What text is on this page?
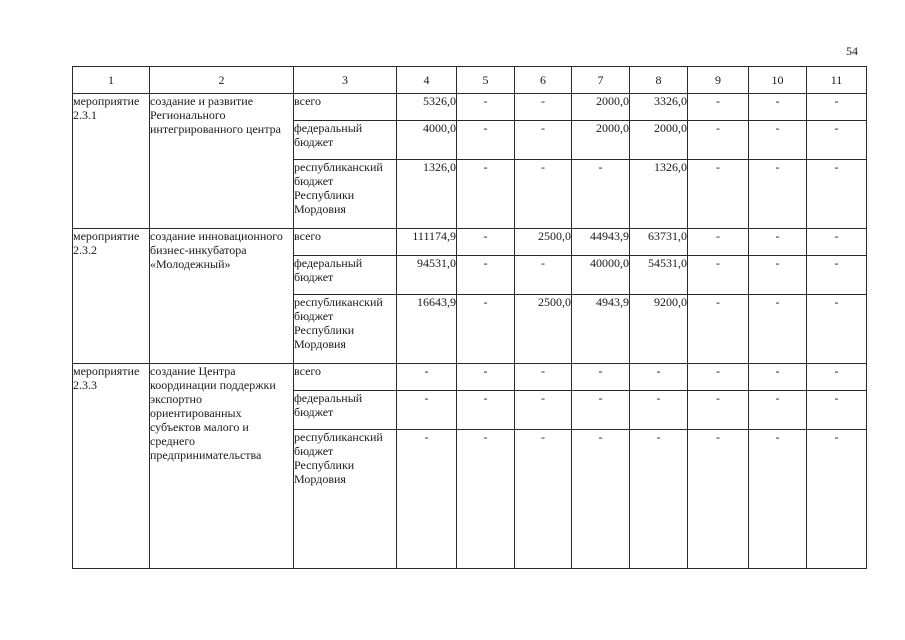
54
1	2	3	4	5	6	7	8	9	10	11
мероприятие 2.3.1	создание и развитие Регионального интегрированного центра	всего	5326,0	-	-	2000,0	3326,0	-	-	-
		федеральный бюджет	4000,0	-	-	2000,0	2000,0	-	-	-
		республиканский бюджет Республики Мордовия	1326,0	-	-	-	1326,0	-	-	-
мероприятие 2.3.2	создание инновационного бизнес-инкубатора «Молодежный»	всего	111174,9	-	2500,0	44943,9	63731,0	-	-	-
		федеральный бюджет	94531,0	-	-	40000,0	54531,0	-	-	-
		республиканский бюджет Республики Мордовия	16643,9	-	2500,0	4943,9	9200,0	-	-	-
мероприятие 2.3.3	создание Центра координации поддержки экспортно ориентированных субъектов малого и среднего предпринимательства	всего	-	-	-	-	-	-	-	-
		федеральный бюджет	-	-	-	-	-	-	-	-
		республиканский бюджет Республики Мордовия	-	-	-	-	-	-	-	-
